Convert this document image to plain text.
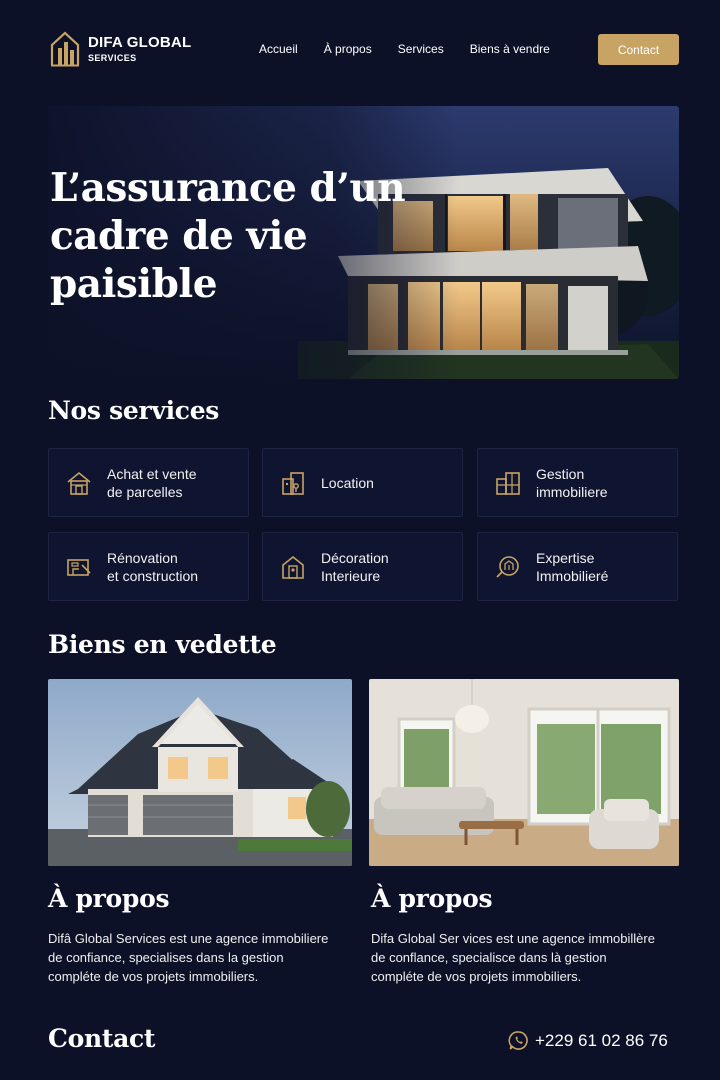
DIFA GLOBAL
SERVICES
Accueil À propos Services Biens à vendre	Contact
L’assurance d’un
cadre de vie paisible
Nos services
Achat et vente
de parcelles
Location
Gestion
immobiliere
Rénovation
et construction
Décoration
Interieure
Expertise
Immobilieré
Biens en vedette
À propos	À propos

Difâ Global Services est une agence immobiliere
de confiance, specialises dans la gestion
compléte de vos projets immobiliers.

Difa Global Ser vices est une agence immobillère
de conflance, specialisce dans là gestion
compléte de vos projets immobiliers.

Contact	+229 61 02 86 76
